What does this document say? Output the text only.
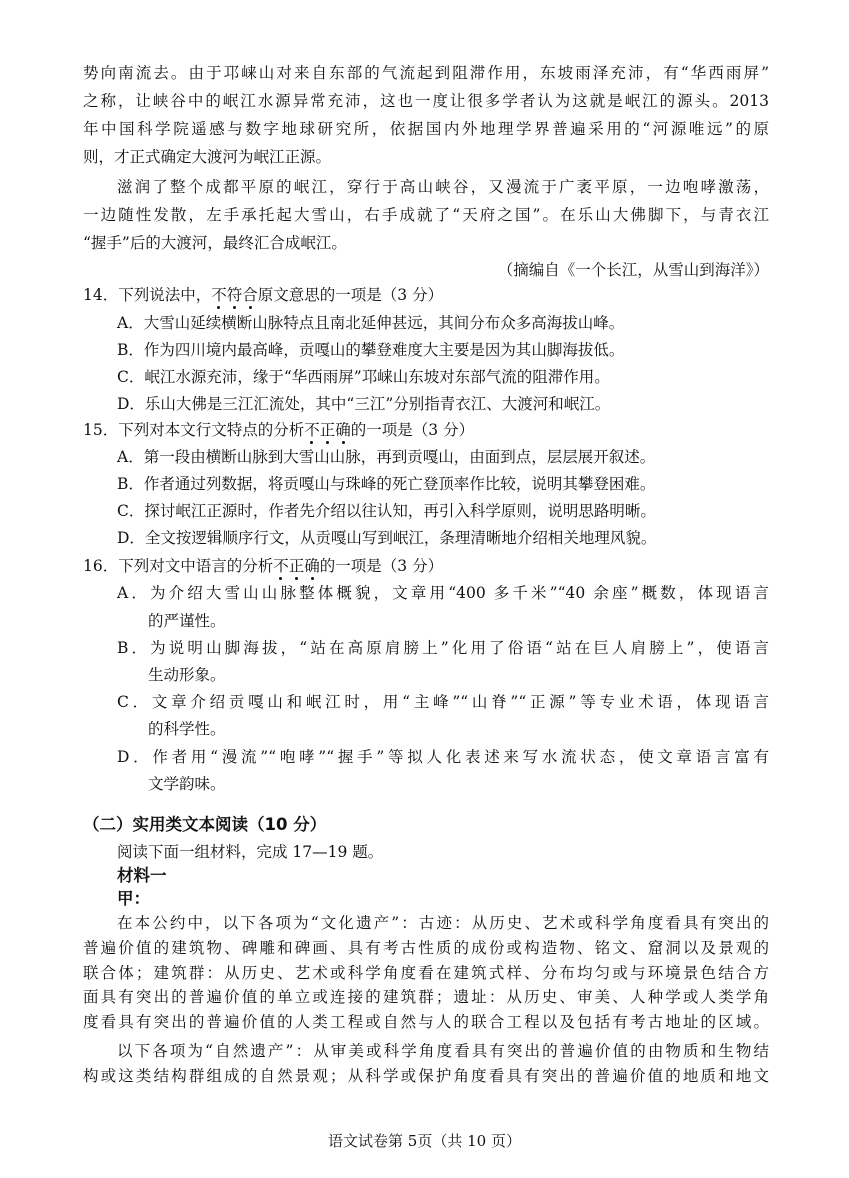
势向南流去。由于邛崃山对来自东部的气流起到阻滞作用，东坡雨泽充沛，有“华西雨屏”
之称，让峡谷中的岷江水源异常充沛，这也一度让很多学者认为这就是岷江的源头。2013
年中国科学院遥感与数字地球研究所，依据国内外地理学界普遍采用的“河源唯远”的原
则，才正式确定大渡河为岷江正源。
滋润了整个成都平原的岷江，穿行于高山峡谷，又漫流于广袤平原，一边咆哮激荡，
一边随性发散，左手承托起大雪山，右手成就了“天府之国”。在乐山大佛脚下，与青衣江
“握手”后的大渡河，最终汇合成岷江。
（摘编自《一个长江，从雪山到海洋》）
14．下列说法中，不符合原文意思的一项是（3 分）
A．大雪山延续横断山脉特点且南北延伸甚远，其间分布众多高海拔山峰。
B．作为四川境内最高峰，贡嘎山的攀登难度大主要是因为其山脚海拔低。
C．岷江水源充沛，缘于“华西雨屏”邛崃山东坡对东部气流的阻滞作用。
D．乐山大佛是三江汇流处，其中“三江”分别指青衣江、大渡河和岷江。
15．下列对本文行文特点的分析不正确的一项是（3 分）
A．第一段由横断山脉到大雪山山脉，再到贡嘎山，由面到点，层层展开叙述。
B．作者通过列数据，将贡嘎山与珠峰的死亡登顶率作比较，说明其攀登困难。
C．探讨岷江正源时，作者先介绍以往认知，再引入科学原则，说明思路明晰。
D．全文按逻辑顺序行文，从贡嘎山写到岷江，条理清晰地介绍相关地理风貌。
16．下列对文中语言的分析不正确的一项是（3 分）
A．为介绍大雪山山脉整体概貌，文章用“400 多千米”“40 余座”概数，体现语言
的严谨性。
B．为说明山脚海拔，“站在高原肩膀上”化用了俗语“站在巨人肩膀上”，使语言
生动形象。
C．文章介绍贡嘎山和岷江时，用“主峰”“山脊”“正源”等专业术语，体现语言
的科学性。
D．作者用“漫流”“咆哮”“握手”等拟人化表述来写水流状态，使文章语言富有
文学韵味。
（二）实用类文本阅读（10 分）
阅读下面一组材料，完成 17—19 题。
材料一
甲：
在本公约中，以下各项为“文化遗产”：古迹：从历史、艺术或科学角度看具有突出的
普遍价值的建筑物、碑雕和碑画、具有考古性质的成份或构造物、铭文、窟洞以及景观的
联合体；建筑群：从历史、艺术或科学角度看在建筑式样、分布均匀或与环境景色结合方
面具有突出的普遍价值的单立或连接的建筑群；遗址：从历史、审美、人种学或人类学角
度看具有突出的普遍价值的人类工程或自然与人的联合工程以及包括有考古地址的区域。
以下各项为“自然遗产”：从审美或科学角度看具有突出的普遍价值的由物质和生物结
构或这类结构群组成的自然景观；从科学或保护角度看具有突出的普遍价值的地质和地文
语文试卷第 5页（共 10 页）
